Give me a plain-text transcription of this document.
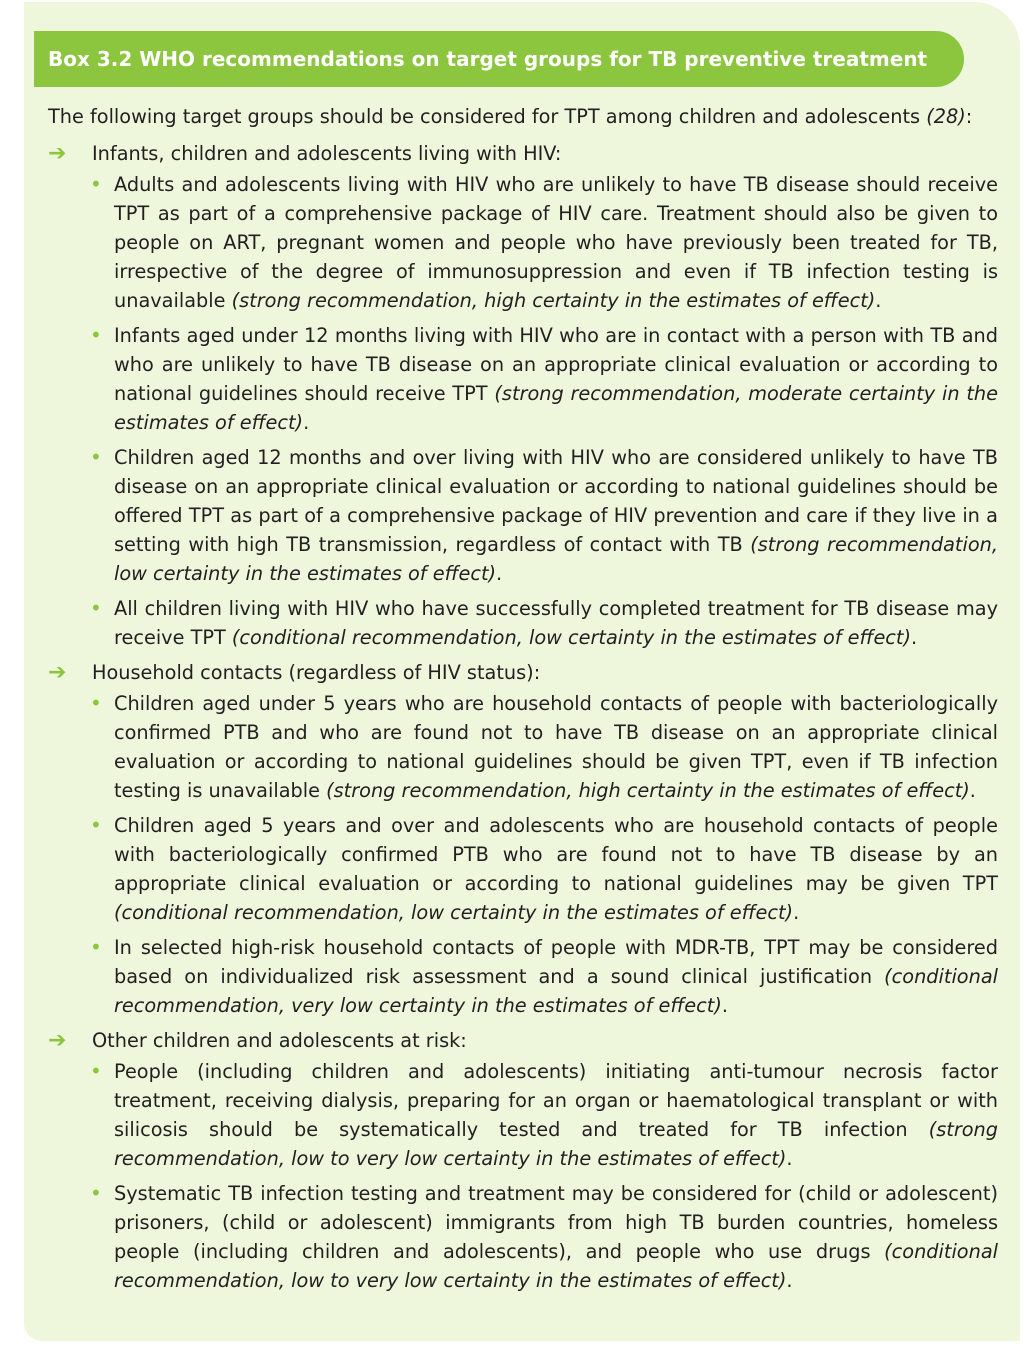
Box 3.2 WHO recommendations on target groups for TB preventive treatment

The following target groups should be considered for TPT among children and adolescents (28):

➔ Infants, children and adolescents living with HIV:
• Adults and adolescents living with HIV who are unlikely to have TB disease should receive TPT as part of a comprehensive package of HIV care. Treatment should also be given to people on ART, pregnant women and people who have previously been treated for TB, irrespective of the degree of immunosuppression and even if TB infection testing is unavailable (strong recommendation, high certainty in the estimates of effect).
• Infants aged under 12 months living with HIV who are in contact with a person with TB and who are unlikely to have TB disease on an appropriate clinical evaluation or according to national guidelines should receive TPT (strong recommendation, moderate certainty in the estimates of effect).
• Children aged 12 months and over living with HIV who are considered unlikely to have TB disease on an appropriate clinical evaluation or according to national guidelines should be offered TPT as part of a comprehensive package of HIV prevention and care if they live in a setting with high TB transmission, regardless of contact with TB (strong recommendation, low certainty in the estimates of effect).
• All children living with HIV who have successfully completed treatment for TB disease may receive TPT (conditional recommendation, low certainty in the estimates of effect).
➔ Household contacts (regardless of HIV status):
• Children aged under 5 years who are household contacts of people with bacteriologically confirmed PTB and who are found not to have TB disease on an appropriate clinical evaluation or according to national guidelines should be given TPT, even if TB infection testing is unavailable (strong recommendation, high certainty in the estimates of effect).
• Children aged 5 years and over and adolescents who are household contacts of people with bacteriologically confirmed PTB who are found not to have TB disease by an appropriate clinical evaluation or according to national guidelines may be given TPT (conditional recommendation, low certainty in the estimates of effect).
• In selected high-risk household contacts of people with MDR-TB, TPT may be considered based on individualized risk assessment and a sound clinical justification (conditional recommendation, very low certainty in the estimates of effect).
➔ Other children and adolescents at risk:
• People (including children and adolescents) initiating anti-tumour necrosis factor treatment, receiving dialysis, preparing for an organ or haematological transplant or with silicosis should be systematically tested and treated for TB infection (strong recommendation, low to very low certainty in the estimates of effect).
• Systematic TB infection testing and treatment may be considered for (child or adolescent) prisoners, (child or adolescent) immigrants from high TB burden countries, homeless people (including children and adolescents), and people who use drugs (conditional recommendation, low to very low certainty in the estimates of effect).
